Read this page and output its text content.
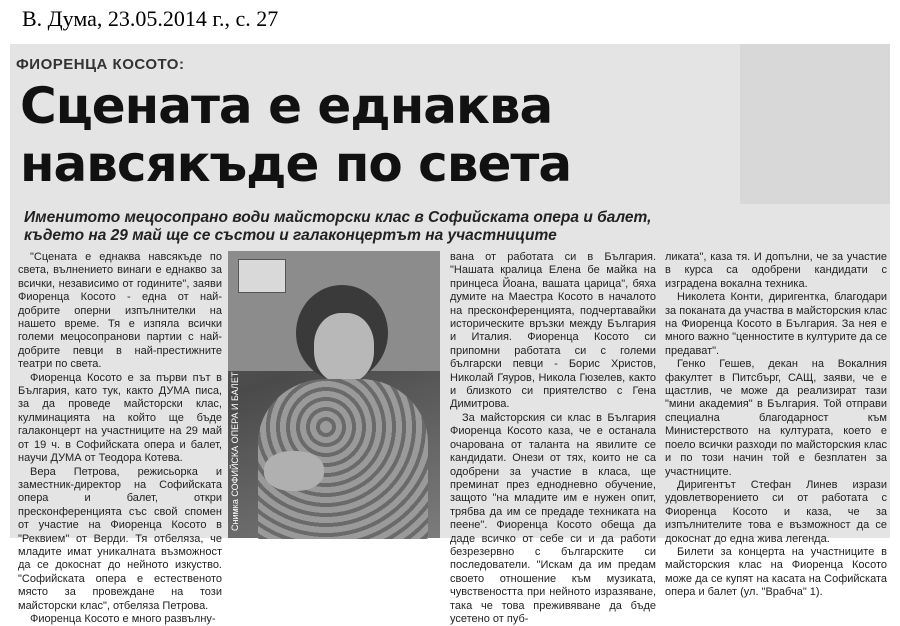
В. Дума, 23.05.2014 г., с. 27
ФИОРЕНЦА КОСОТО:
Сцената е еднаква
навсякъде по света
Именитото мецосопрано води майсторски клас в Софийската опера и балет,
където на 29 май ще се състои и галаконцертът на участниците

"Сцената е еднаква навсякъде по света, вълнението винаги е еднакво за всички, независимо от годините", заяви Фиоренца Косото - една от най-добрите оперни изпълнителки на нашето време. Тя е изпяла всички големи мецосопранови партии с най-добрите певци в най-престижните театри по света.

Фиоренца Косото е за първи път в България, като тук, както ДУМА писа, за да проведе майсторски клас, кулминацията на който ще бъде галаконцерт на участниците на 29 май от 19 ч. в Софийската опера и балет, научи ДУМА от Теодора Котева.

Вера Петрова, режисьорка и заместник-директор на Софийската опера и балет, откри пресконференцията със свой спомен от участие на Фиоренца Косото в "Реквием" от Верди. Тя отбеляза, че младите имат уникалната възможност да се докоснат до нейното изкуство. "Софийската опера е естественото място за провеждане на този майсторски клас", отбеляза Петрова.

Фиоренца Косото е много развълну-

Снимка СОФИЙСКА ОПЕРА И БАЛЕТ

вана от работата си в България. "Нашата кралица Елена бе майка на принцеса Йоана, вашата царица", бяха думите на Маестра Косото в началото на пресконференцията, подчертавайки историческите връзки между България и Италия. Фиоренца Косото си припомни работата си с големи български певци - Борис Христов, Николай Гяуров, Никола Гюзелев, както и близкото си приятелство с Гена Димитрова.

За майсторския си клас в България Фиоренца Косото каза, че е останала очарована от таланта на явилите се кандидати. Онези от тях, които не са одобрени за участие в класа, ще преминат през еднодневно обучение, защото "на младите им е нужен опит, трябва да им се предаде техниката на пеене". Фиоренца Косото обеща да даде всичко от себе си и да работи безрезервно с българските си последователи. "Искам да им предам своето отношение към музиката, чувствеността при нейното изразяване, така че това преживяване да бъде усетено от пуб-

ликата", каза тя. И допълни, че за участие в курса са одобрени кандидати с изградена вокална техника.

Николета Конти, диригентка, благодари за поканата да участва в майсторския клас на Фиоренца Косото в България. За нея е много важно "ценностите в културите да се предават".

Генко Гешев, декан на Вокалния факултет в Питсбърг, САЩ, заяви, че е щастлив, че може да реализират тази "мини академия" в България. Той отправи специална благодарност към Министерството на културата, което е поело всички разходи по майсторския клас и по този начин той е безплатен за участниците.

Диригентът Стефан Линев изрази удовлетворението си от работата с Фиоренца Косото и каза, че за изпълнителите това е възможност да се докоснат до една жива легенда.

Билети за концерта на участниците в майсторския клас на Фиоренца Косото може да се купят на касата на Софийската опера и балет (ул. "Врабча" 1).
